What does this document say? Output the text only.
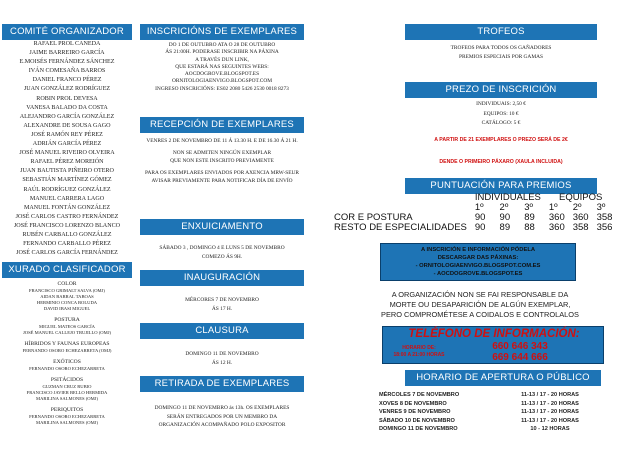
COMITÉ ORGANIZADOR
RAFAEL PROL CANEDA
JAIME BARREIRO GARCÍA
E.MOISÉS FERNÁNDEZ SÁNCHEZ
IVÁN COMESAÑA BARROS
DANIEL FRANCO PÉREZ
JUAN GONZÁLEZ RODRÍGUEZ
ROBIN PROL DEVESA
VANESA BALADO DA COSTA
ALEJANDRO GARCÍA GONZÁLEZ
ALEXANDRE DE SOUSA GAGO
JOSÉ RAMÓN REY PÉREZ
ADRIÁN GARCÍA PÉREZ
JOSÉ MANUEL RIVEIRO OLVEIRA
RAFAEL PÉREZ MOREIÓN
JUAN BAUTISTA PIÑEIRO OTERO
SEBASTIÁN MARTÍNEZ GÓMEZ
RAÚL RODRÍGUEZ GONZÁLEZ
MANUEL CARRERA LAGO
MANUEL FONTÁN GONZÁLEZ
JOSÉ CARLOS CASTRO FERNÁNDEZ
JOSÉ FRANCISCO LORENZO BLANCO
RUBÉN CARBALLO GONZÁLEZ
FERNANDO CARBALLO PÉREZ
JOSÉ CARLOS GARCÍA FERNÁNDEZ
XURADO CLASIFICADOR
COLOR
FRANCISCO GRIMALT SALVA (OMJ)
AIDAN BARRAL TABOAS
HERMINIO CONCA BOLUDA
DAVID IBASI MIGUEL
POSTURA
MIGUEL MATEOS GARCÍA
JOSÉ MANUEL CALLEJO TRUJILLO (OMJ)
HÍBRIDOS Y FAUNAS EUROPEAS
FERNANDO OSORO ECHEZARRETA (OMJ)
EXÓTICOS
FERNANDO OSORO ECHEZARRETA
PSITÁCIDOS
GUZMAN CRUZ RUBIO
FRANCISCO JAVIER BELLO HERMIDA
MARILINA SALMONES (OMJ)
PERIQUITOS
FERNANDO OSORO ECHEZARRETA
MARILINA SALMONES (OMJ)
INSCRICIÓNS DE EXEMPLARES
DO 1 DE OUTUBRO ATA O 28 DE OUTUBRO
ÁS 21:00H. PODERASE INSCRIBIR NA PÁXINA
A TRAVÉS DUN LINK,
QUE ESTARÁ NAS SEGUINTES WEBS:
AOCDOGROVE.BLOGSPOT.ES
ORNITOLOGIAENVIGO.BLOGSPOT.COM
INGRESO INSCRICIÓNS: ES02 2080 5426 2530 0018 8273
RECEPCIÓN DE EXEMPLARES
VENRES 2 DE NOVEMBRO DE 11 Á 13.30 H. E DE 16.30 Á 21 H.
NON SE ADMITEN NINGÚN EXEMPLAR
QUE NON ESTE INSCRITO PREVIAMENTE
PARA OS EXEMPLARES ENVIADOS POR AXENCIA MRW-SEUR
AVISAR PREVIAMENTE PARA NOTIFICAR DÍA DE ENVÍO
ENXUICIAMENTO
SÁBADO 3 , DOMINGO 4 E LUNS 5 DE NOVEMBRO
COMEZO ÁS 9H.
INAUGURACIÓN
MÉRCORES 7 DE NOVEMBRO
ÁS 17 H.
CLAUSURA
DOMINGO 11 DE NOVEMBRO
ÁS 12 H.
RETIRADA DE EXEMPLARES
DOMINGO 11 DE NOVEMBRO ás 13h. OS EXEMPLARES
SERÁN ENTREGADOS POR UN MEMBRO DA
ORGANIZACIÓN ACOMPAÑADO POLO EXPOSITOR
TROFEOS
TROFEOS PARA TODOS OS GAÑADORES
PREMIOS ESPECIAIS POR GAMAS
PREZO DE INSCRICIÓN
INDIVIDUAIS: 2,50 €
EQUIPOS: 10 €
CATÁLOGO: 5 €
A PARTIR DE 21 EXEMPLARES O PREZO SERÁ DE 2€
DENDE O PRIMEIRO PÁXARO (XAULA INCLUIDA)
PUNTUACIÓN PARA PREMIOS
	INDIVIDUALES			EQUIPOS		
	1º	2º	3º	1º	2º	3º
COR E POSTURA	90	90	89	360	360	358
RESTO DE ESPECIALIDADES	90	89	88	360	358	356
A INSCRICIÓN E INFORMACIÓN PÓDELA
DESCARGAR DAS PÁXINAS:
- ORNITOLOGIAENVIGO.BLOGSPOT.COM.ES
- AOCDOGROVE.BLOGSPOT.ES
A ORGANIZACIÓN NON SE FAI RESPONSABLE DA
MORTE OU DESAPARICIÓN DE ALGÚN EXEMPLAR,
PERO COMPROMÉTESE A COIDALOS E CONTROLALOS
TELÉFONO DE INFORMACIÓN:
HORARIO DE:
18:00 A 21:00 HORAS
660 646 343
669 644 666
HORARIO DE APERTURA O PÚBLICO
MÉRCOLES 7 DE NOVEMBRO	11-13 / 17 - 20 HORAS
XOVES 8 DE NOVEMBRO	11-13 / 17 - 20 HORAS
VENRES 9 DE NOVEMBRO	11-13 / 17 - 20 HORAS
SÁBADO 10 DE NOVEMBRO	11-13 / 17 - 20 HORAS
DOMINGO 11 DE NOVEMBRO	10 - 12 HORAS
